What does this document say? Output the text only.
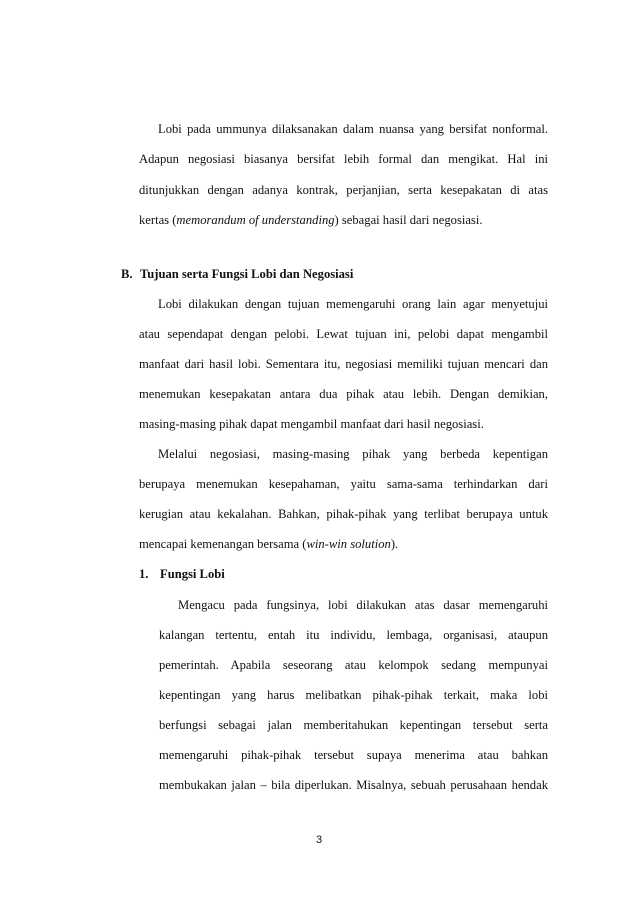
Lobi pada ummunya dilaksanakan dalam nuansa yang bersifat nonformal.
Adapun negosiasi biasanya bersifat lebih formal dan mengikat. Hal ini
ditunjukkan dengan adanya kontrak, perjanjian, serta kesepakatan di atas
kertas (memorandum of understanding) sebagai hasil dari negosiasi.
B. Tujuan serta Fungsi Lobi dan Negosiasi
Lobi dilakukan dengan tujuan memengaruhi orang lain agar menyetujui
atau sependapat dengan pelobi. Lewat tujuan ini, pelobi dapat mengambil
manfaat dari hasil lobi. Sementara itu, negosiasi memiliki tujuan mencari dan
menemukan kesepakatan antara dua pihak atau lebih. Dengan demikian,
masing-masing pihak dapat mengambil manfaat dari hasil negosiasi.
Melalui negosiasi, masing-masing pihak yang berbeda kepentigan
berupaya menemukan kesepahaman, yaitu sama-sama terhindarkan dari
kerugian atau kekalahan. Bahkan, pihak-pihak yang terlibat berupaya untuk
mencapai kemenangan bersama (win-win solution).
1. Fungsi Lobi
Mengacu pada fungsinya, lobi dilakukan atas dasar memengaruhi
kalangan tertentu, entah itu individu, lembaga, organisasi, ataupun
pemerintah. Apabila seseorang atau kelompok sedang mempunyai
kepentingan yang harus melibatkan pihak-pihak terkait, maka lobi
berfungsi sebagai jalan memberitahukan kepentingan tersebut serta
memengaruhi pihak-pihak tersebut supaya menerima atau bahkan
membukakan jalan – bila diperlukan. Misalnya, sebuah perusahaan hendak
3
